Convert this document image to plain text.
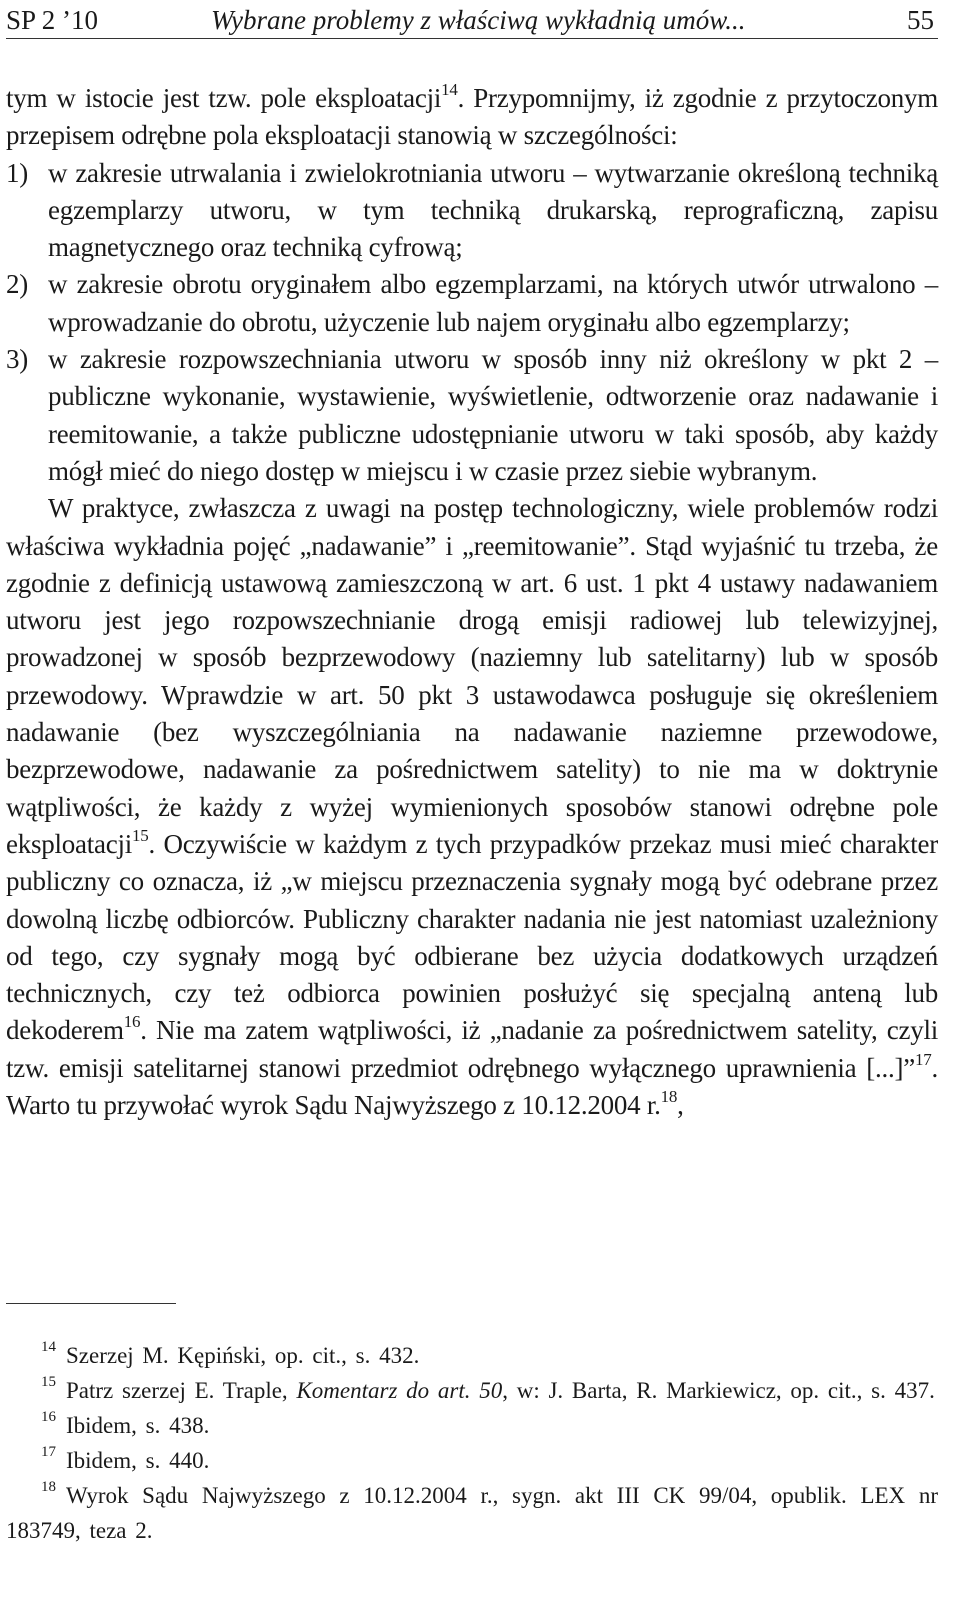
SP 2 ’10	Wybrane problemy z właściwą wykładnią umów...	55

tym w istocie jest tzw. pole eksploatacji$^{14}$. Przypomnijmy, iż zgodnie z przytoczonym przepisem odrębne pola eksploatacji stanowią w szczególności:

1) w zakresie utrwalania i zwielokrotniania utworu – wytwarzanie określoną techniką egzemplarzy utworu, w tym techniką drukarską, reprograficzną, zapisu magnetycznego oraz techniką cyfrową;

2) w zakresie obrotu oryginałem albo egzemplarzami, na których utwór utrwalono – wprowadzanie do obrotu, użyczenie lub najem oryginału albo egzemplarzy;

3) w zakresie rozpowszechniania utworu w sposób inny niż określony w pkt 2 – publiczne wykonanie, wystawienie, wyświetlenie, odtworzenie oraz nadawanie i reemitowanie, a także publiczne udostępnianie utworu w taki sposób, aby każdy mógł mieć do niego dostęp w miejscu i w czasie przez siebie wybranym.

W praktyce, zwłaszcza z uwagi na postęp technologiczny, wiele problemów rodzi właściwa wykładnia pojęć „nadawanie” i „reemitowanie”. Stąd wyjaśnić tu trzeba, że zgodnie z definicją ustawową zamieszczoną w art. 6 ust. 1 pkt 4 ustawy nadawaniem utworu jest jego rozpowszechnianie drogą emisji radiowej lub telewizyjnej, prowadzonej w sposób bezprzewodowy (naziemny lub satelitarny) lub w sposób przewodowy. Wprawdzie w art. 50 pkt 3 ustawodawca posługuje się określeniem nadawanie (bez wyszczególniania na nadawanie naziemne przewodowe, bezprzewodowe, nadawanie za pośrednictwem satelity) to nie ma w doktrynie wątpliwości, że każdy z wyżej wymienionych sposobów stanowi odrębne pole eksploatacji$^{15}$. Oczywiście w każdym z tych przypadków przekaz musi mieć charakter publiczny co oznacza, iż „w miejscu przeznaczenia sygnały mogą być odebrane przez dowolną liczbę odbiorców. Publiczny charakter nadania nie jest natomiast uzależniony od tego, czy sygnały mogą być odbierane bez użycia dodatkowych urządzeń technicznych, czy też odbiorca powinien posłużyć się specjalną anteną lub dekoderem$^{16}$. Nie ma zatem wątpliwości, iż „nadanie za pośrednictwem satelity, czyli tzw. emisji satelitarnej stanowi przedmiot odrębnego wyłącznego uprawnienia [...]”$^{17}$. Warto tu przywołać wyrok Sądu Najwyższego z 10.12.2004 r.$^{18}$,

$^{14}$ Szerzej M. Kępiński, op. cit., s. 432.

$^{15}$ Patrz szerzej E. Traple, Komentarz do art. 50, w: J. Barta, R. Markiewicz, op. cit., s. 437.

$^{16}$ Ibidem, s. 438.

$^{17}$ Ibidem, s. 440.

$^{18}$ Wyrok Sądu Najwyższego z 10.12.2004 r., sygn. akt III CK 99/04, opublik. LEX nr 183749, teza 2.
